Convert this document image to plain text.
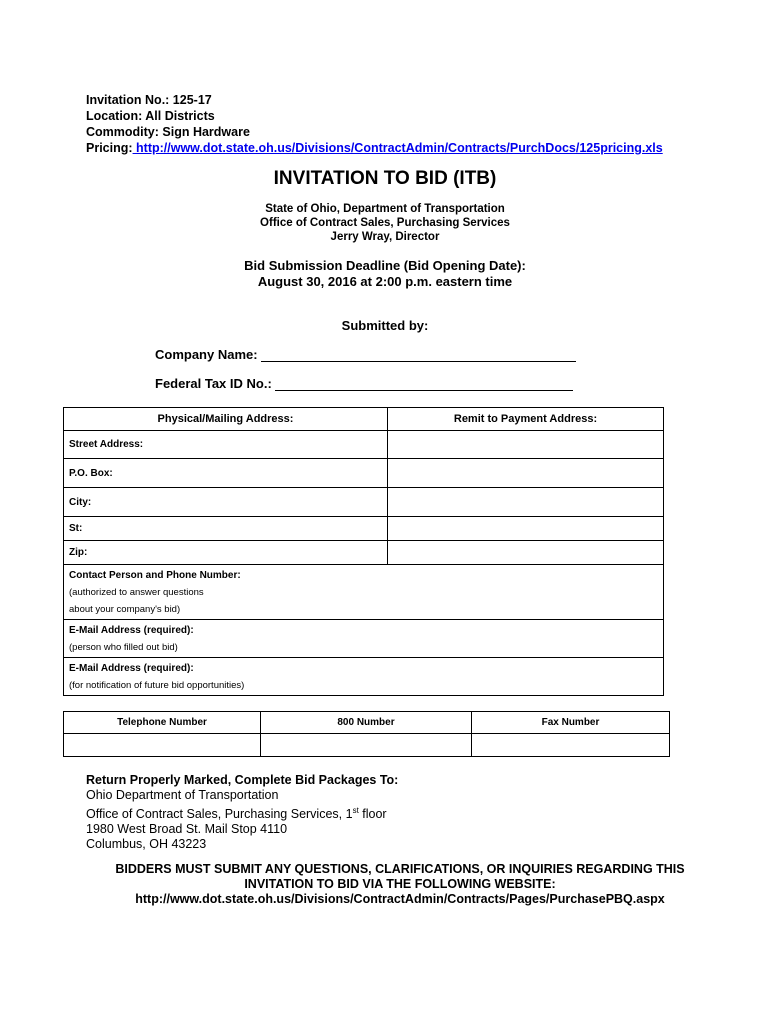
Invitation No.: 125-17
Location: All Districts
Commodity: Sign Hardware
Pricing: http://www.dot.state.oh.us/Divisions/ContractAdmin/Contracts/PurchDocs/125pricing.xls
INVITATION TO BID (ITB)
State of Ohio, Department of Transportation
Office of Contract Sales, Purchasing Services
Jerry Wray, Director
Bid Submission Deadline (Bid Opening Date):
August 30, 2016 at 2:00 p.m. eastern time
Submitted by:
Company Name:
Federal Tax ID No.:
Physical/Mailing Address:	Remit to Payment Address:
Street Address:	
P.O. Box:	
City:	
St:	
Zip:	

Contact Person and Phone Number:
(authorized to answer questions
about your company's bid)	

E-Mail Address (required):
(person who filled out bid)	

E-Mail Address (required):
(for notification of future bid opportunities)	
Telephone Number	800 Number	Fax Number

Return Properly Marked, Complete Bid Packages To:
Ohio Department of Transportation
Office of Contract Sales, Purchasing Services, 1st floor
1980 West Broad St. Mail Stop 4110
Columbus, OH 43223
BIDDERS MUST SUBMIT ANY QUESTIONS, CLARIFICATIONS, OR INQUIRIES REGARDING THIS
INVITATION TO BID VIA THE FOLLOWING WEBSITE:
http://www.dot.state.oh.us/Divisions/ContractAdmin/Contracts/Pages/PurchasePBQ.aspx
